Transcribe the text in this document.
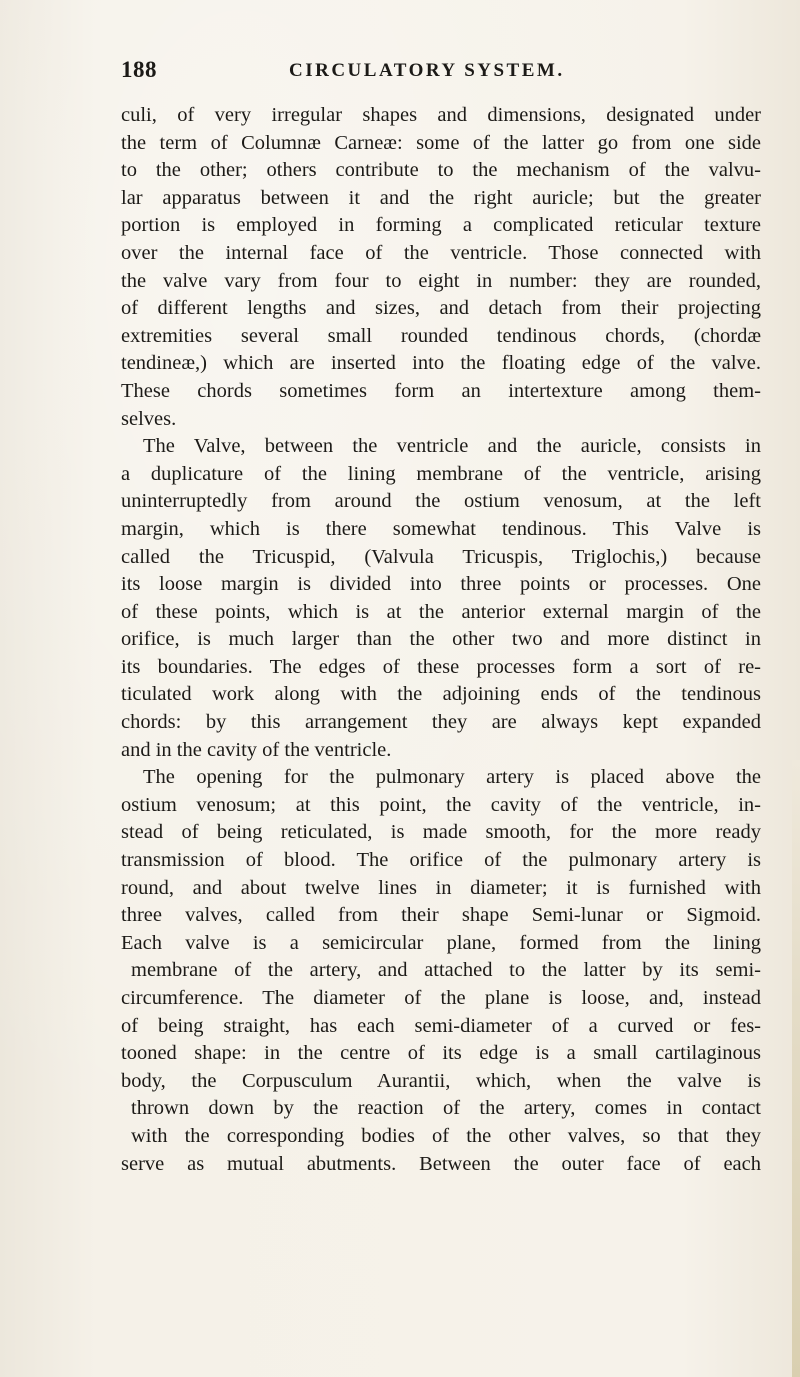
188	CIRCULATORY SYSTEM.
culi, of very irregular shapes and dimensions, designated under
the term of Columnæ Carneæ: some of the latter go from one side
to the other; others contribute to the mechanism of the valvu-
lar apparatus between it and the right auricle; but the greater
portion is employed in forming a complicated reticular texture
over the internal face of the ventricle. Those connected with
the valve vary from four to eight in number: they are rounded,
of different lengths and sizes, and detach from their projecting
extremities several small rounded tendinous chords, (chordæ
tendineæ,) which are inserted into the floating edge of the valve.
These chords sometimes form an intertexture among them-
selves.
The Valve, between the ventricle and the auricle, consists in
a duplicature of the lining membrane of the ventricle, arising
uninterruptedly from around the ostium venosum, at the left
margin, which is there somewhat tendinous. This Valve is
called the Tricuspid, (Valvula Tricuspis, Triglochis,) because
its loose margin is divided into three points or processes. One
of these points, which is at the anterior external margin of the
orifice, is much larger than the other two and more distinct in
its boundaries. The edges of these processes form a sort of re-
ticulated work along with the adjoining ends of the tendinous
chords: by this arrangement they are always kept expanded
and in the cavity of the ventricle.
The opening for the pulmonary artery is placed above the
ostium venosum; at this point, the cavity of the ventricle, in-
stead of being reticulated, is made smooth, for the more ready
transmission of blood. The orifice of the pulmonary artery is
round, and about twelve lines in diameter; it is furnished with
three valves, called from their shape Semi-lunar or Sigmoid.
Each valve is a semicircular plane, formed from the lining
membrane of the artery, and attached to the latter by its semi-
circumference. The diameter of the plane is loose, and, instead
of being straight, has each semi-diameter of a curved or fes-
tooned shape: in the centre of its edge is a small cartilaginous
body, the Corpusculum Aurantii, which, when the valve is
thrown down by the reaction of the artery, comes in contact
with the corresponding bodies of the other valves, so that they
serve as mutual abutments. Between the outer face of each
